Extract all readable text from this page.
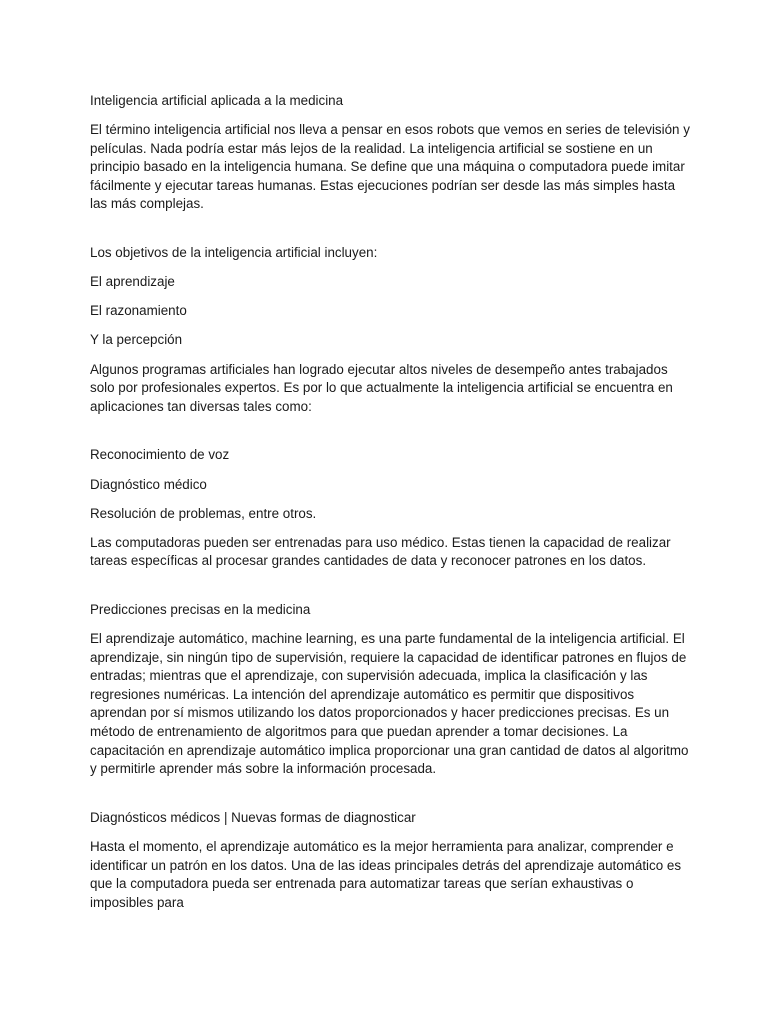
Inteligencia artificial aplicada a la medicina

El término inteligencia artificial nos lleva a pensar en esos robots que vemos en series de televisión y películas. Nada podría estar más lejos de la realidad. La inteligencia artificial se sostiene en un principio basado en la inteligencia humana. Se define que una máquina o computadora puede imitar fácilmente y ejecutar tareas humanas. Estas ejecuciones podrían ser desde las más simples hasta las más complejas.

Los objetivos de la inteligencia artificial incluyen:

El aprendizaje

El razonamiento

Y la percepción

Algunos programas artificiales han logrado ejecutar altos niveles de desempeño antes trabajados solo por profesionales expertos. Es por lo que actualmente la inteligencia artificial se encuentra en aplicaciones tan diversas tales como:

Reconocimiento de voz

Diagnóstico médico

Resolución de problemas, entre otros.

Las computadoras pueden ser entrenadas para uso médico. Estas tienen la capacidad de realizar tareas específicas al procesar grandes cantidades de data y reconocer patrones en los datos.

Predicciones precisas en la medicina

El aprendizaje automático, machine learning, es una parte fundamental de la inteligencia artificial. El aprendizaje, sin ningún tipo de supervisión, requiere la capacidad de identificar patrones en flujos de entradas; mientras que el aprendizaje, con supervisión adecuada, implica la clasificación y las regresiones numéricas. La intención del aprendizaje automático es permitir que dispositivos aprendan por sí mismos utilizando los datos proporcionados y hacer predicciones precisas. Es un método de entrenamiento de algoritmos para que puedan aprender a tomar decisiones. La capacitación en aprendizaje automático implica proporcionar una gran cantidad de datos al algoritmo y permitirle aprender más sobre la información procesada.

Diagnósticos médicos | Nuevas formas de diagnosticar

Hasta el momento, el aprendizaje automático es la mejor herramienta para analizar, comprender e identificar un patrón en los datos. Una de las ideas principales detrás del aprendizaje automático es que la computadora pueda ser entrenada para automatizar tareas que serían exhaustivas o imposibles para
